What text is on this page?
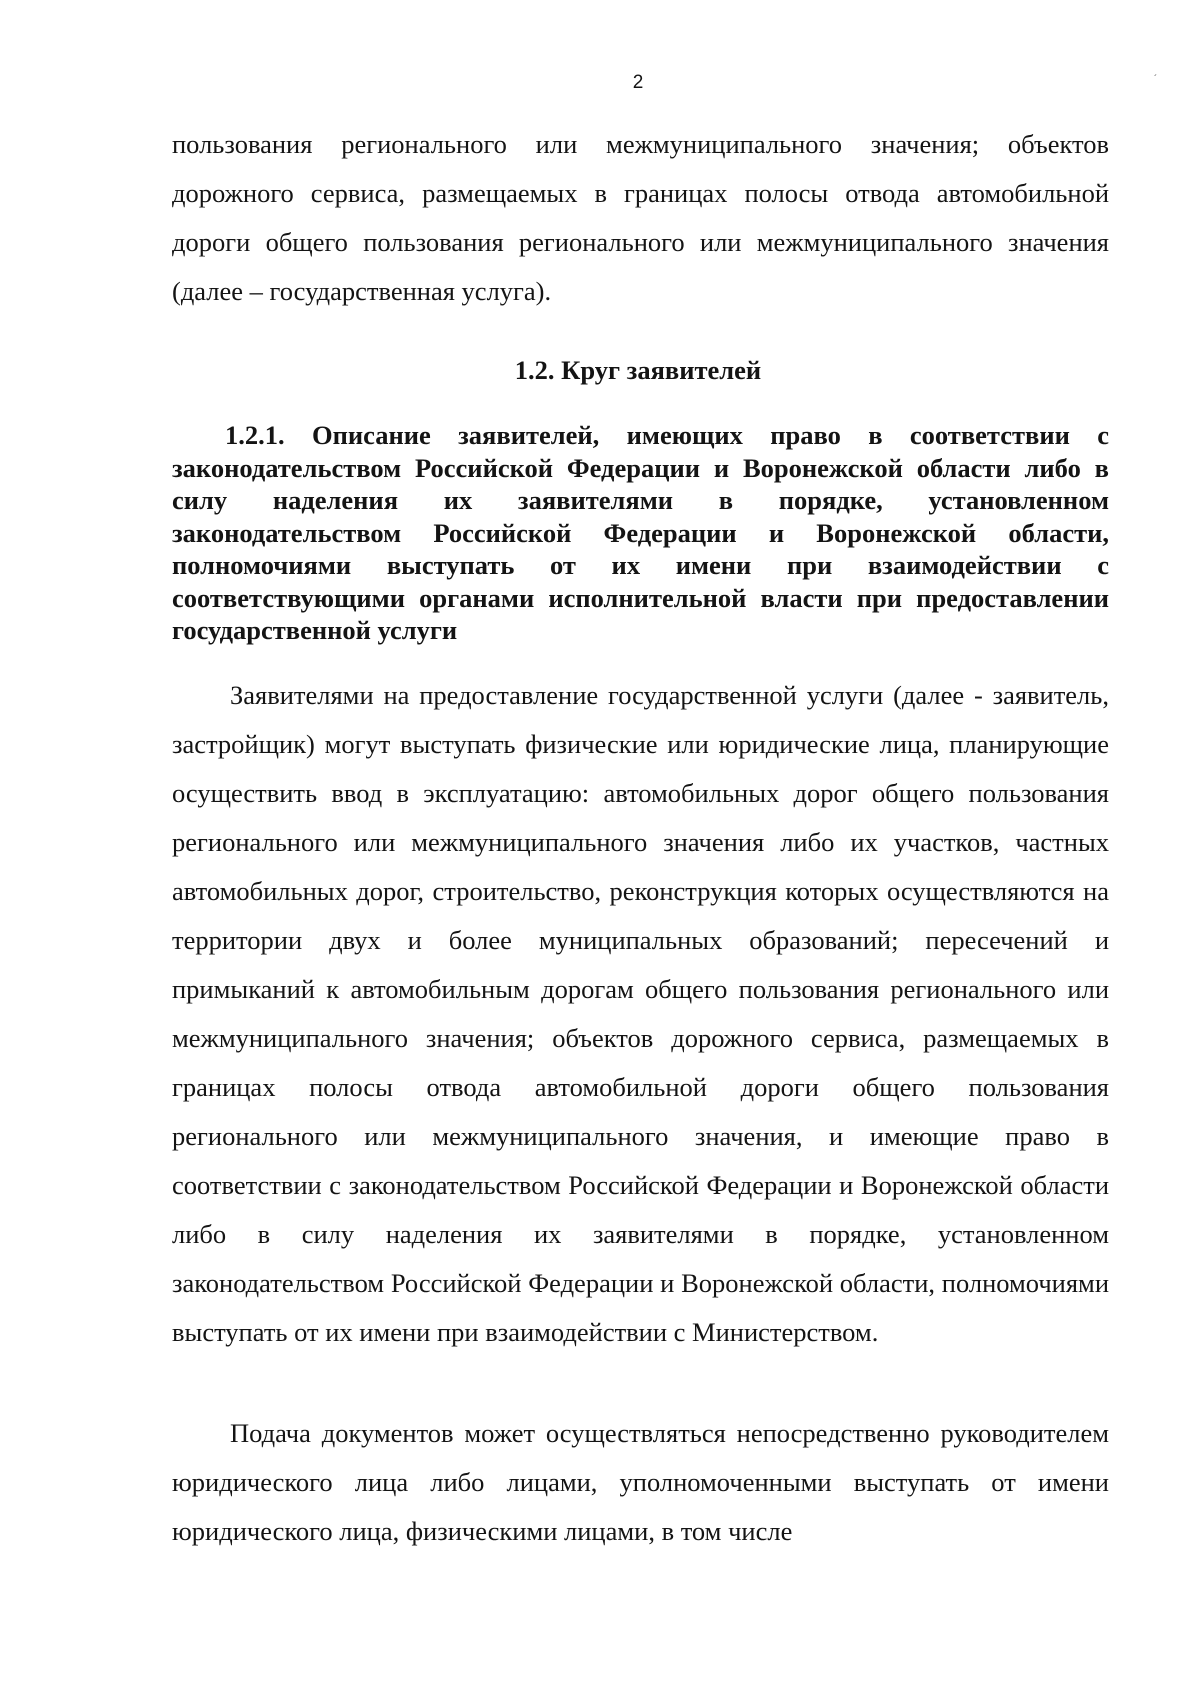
2	´

пользования регионального или межмуниципального значения; объектов дорожного сервиса, размещаемых в границах полосы отвода автомобильной дороги общего пользования регионального или межмуниципального значения (далее – государственная услуга).

1.2. Круг заявителей
1.2.1. Описание заявителей, имеющих право в соответствии с законодательством Российской Федерации и Воронежской области либо в силу наделения их заявителями в порядке, установленном законодательством Российской Федерации и Воронежской области, полномочиями выступать от их имени при взаимодействии с соответствующими органами исполнительной власти при предоставлении государственной услуги

Заявителями на предоставление государственной услуги (далее - заявитель, застройщик) могут выступать физические или юридические лица, планирующие осуществить ввод в эксплуатацию: автомобильных дорог общего пользования регионального или межмуниципального значения либо их участков, частных автомобильных дорог, строительство, реконструкция которых осуществляются на территории двух и более муниципальных образований; пересечений и примыканий к автомобильным дорогам общего пользования регионального или межмуниципального значения; объектов дорожного сервиса, размещаемых в границах полосы отвода автомобильной дороги общего пользования регионального или межмуниципального значения, и имеющие право в соответствии с законодательством Российской Федерации и Воронежской области либо в силу наделения их заявителями в порядке, установленном законодательством Российской Федерации и Воронежской области, полномочиями выступать от их имени при взаимодействии с Министерством.

Подача документов может осуществляться непосредственно руководителем юридического лица либо лицами, уполномоченными выступать от имени юридического лица, физическими лицами, в том числе
